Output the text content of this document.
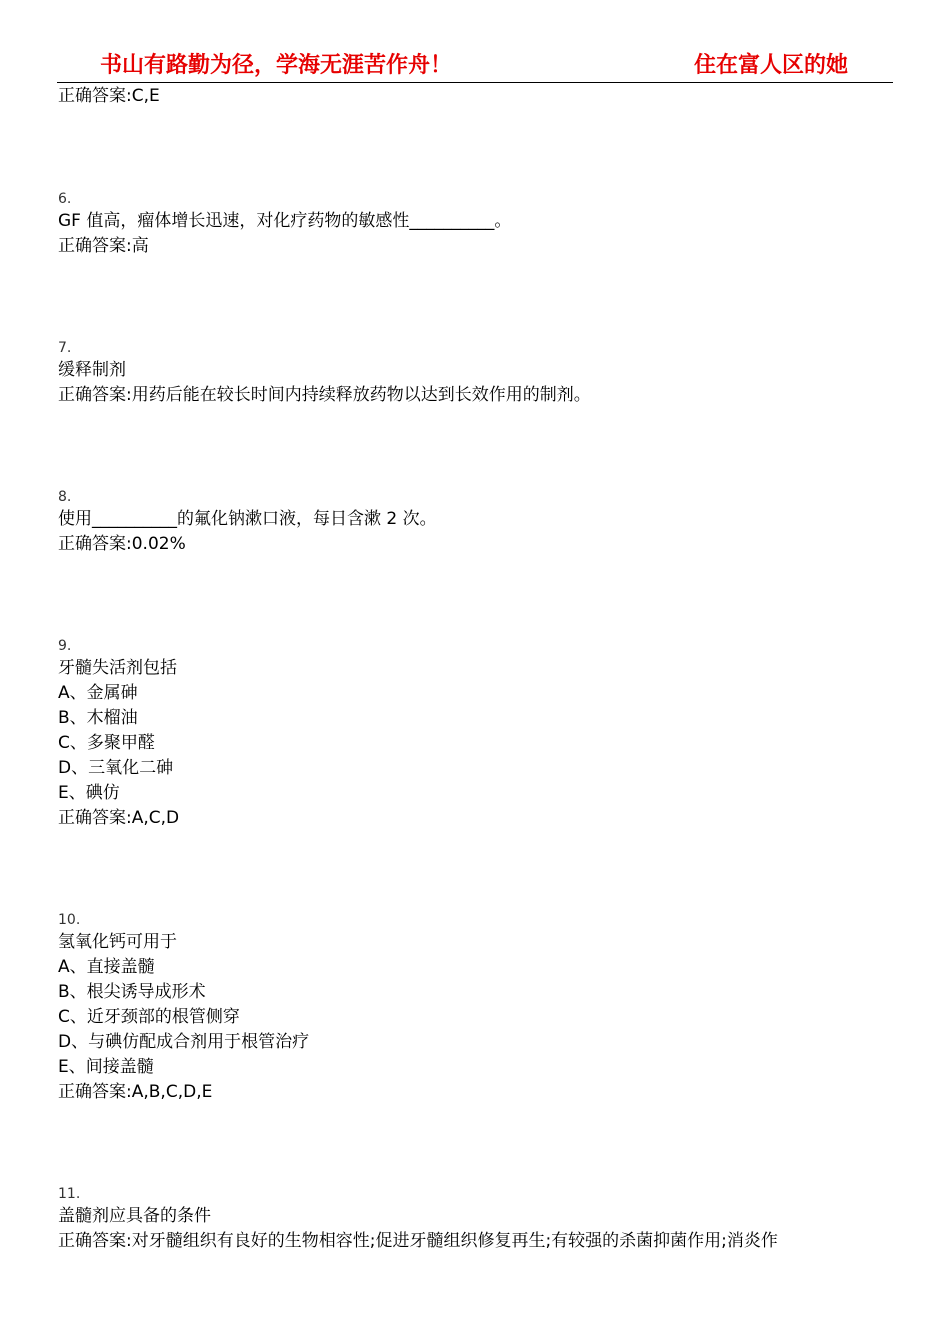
书山有路勤为径，学海无涯苦作舟！	住在富人区的她
正确答案:C,E
6.
GF 值高，瘤体增长迅速，对化疗药物的敏感性__________。
正确答案:高
7.
缓释制剂
正确答案:用药后能在较长时间内持续释放药物以达到长效作用的制剂。
8.
使用__________的氟化钠漱口液，每日含漱 2 次。
正确答案:0.02%
9.
牙髓失活剂包括
A、金属砷
B、木榴油
C、多聚甲醛
D、三氧化二砷
E、碘仿
正确答案:A,C,D
10.
氢氧化钙可用于
A、直接盖髓
B、根尖诱导成形术
C、近牙颈部的根管侧穿
D、与碘仿配成合剂用于根管治疗
E、间接盖髓
正确答案:A,B,C,D,E
11.
盖髓剂应具备的条件
正确答案:对牙髓组织有良好的生物相容性;促进牙髓组织修复再生;有较强的杀菌抑菌作用;消炎作
